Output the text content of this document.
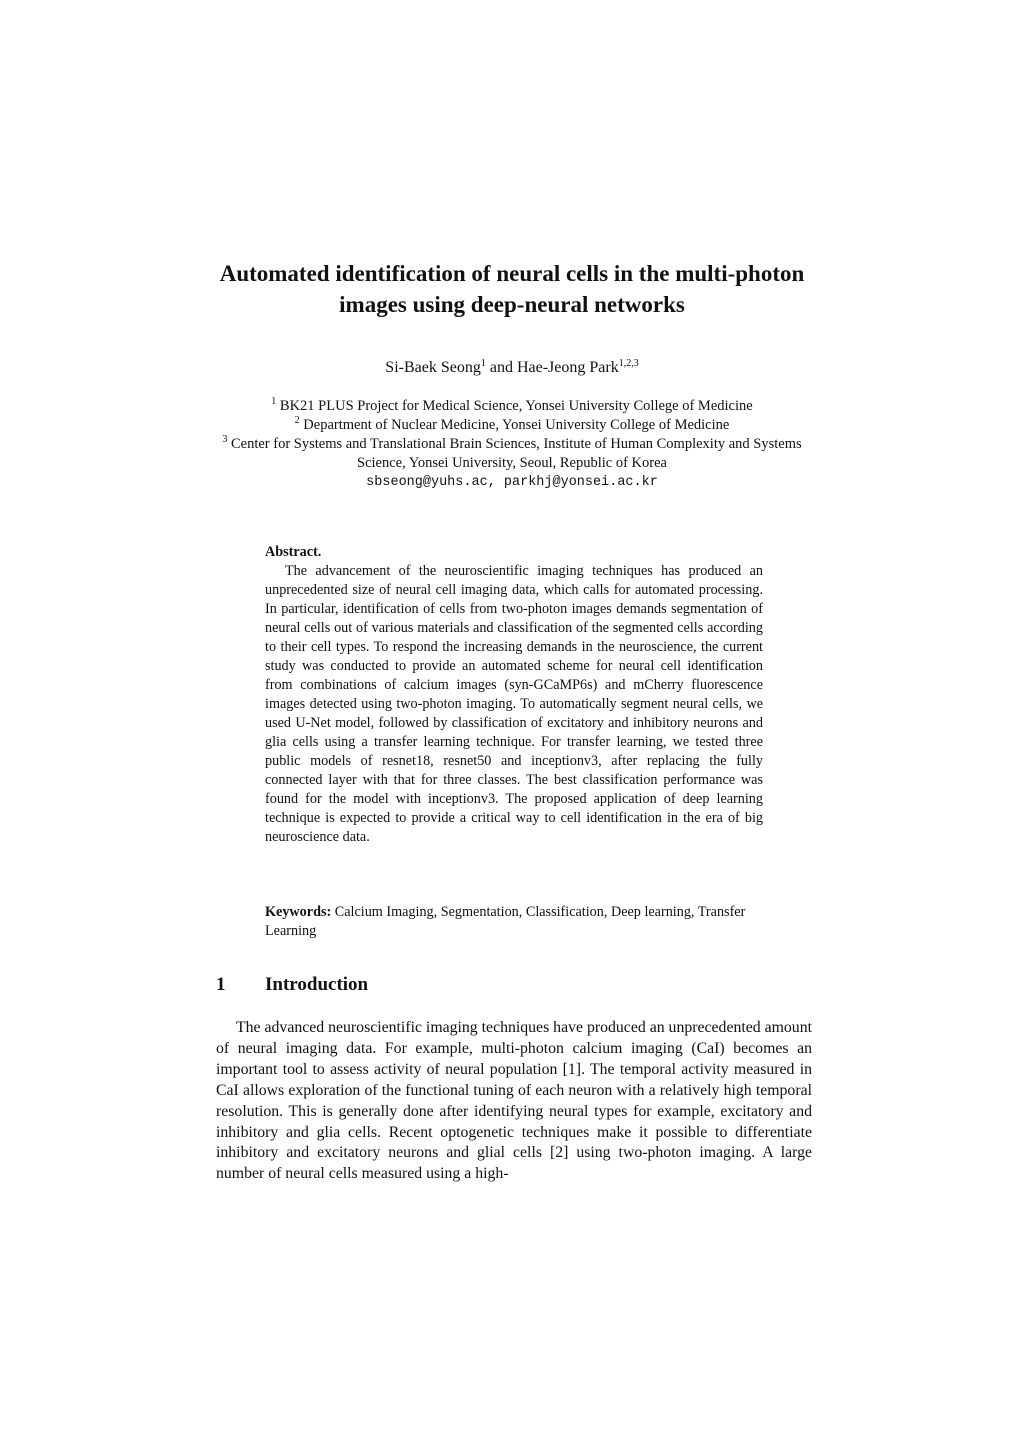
Automated identification of neural cells in the multi-photon images using deep-neural networks
Si-Baek Seong$^1$ and Hae-Jeong Park$^{1,2,3}$
$^1$ BK21 PLUS Project for Medical Science, Yonsei University College of Medicine
$^2$ Department of Nuclear Medicine, Yonsei University College of Medicine
$^3$ Center for Systems and Translational Brain Sciences, Institute of Human Complexity and Systems Science, Yonsei University, Seoul, Republic of Korea
sbseong@yuhs.ac, parkhj@yonsei.ac.kr
Abstract.
The advancement of the neuroscientific imaging techniques has produced an unprecedented size of neural cell imaging data, which calls for automated processing. In particular, identification of cells from two-photon images demands segmentation of neural cells out of various materials and classification of the segmented cells according to their cell types. To respond the increasing demands in the neuroscience, the current study was conducted to provide an automated scheme for neural cell identification from combinations of calcium images (syn-GCaMP6s) and mCherry fluorescence images detected using two-photon imaging. To automatically segment neural cells, we used U-Net model, followed by classification of excitatory and inhibitory neurons and glia cells using a transfer learning technique. For transfer learning, we tested three public models of resnet18, resnet50 and inceptionv3, after replacing the fully connected layer with that for three classes. The best classification performance was found for the model with inceptionv3. The proposed application of deep learning technique is expected to provide a critical way to cell identification in the era of big neuroscience data.
Keywords: Calcium Imaging, Segmentation, Classification, Deep learning, Transfer Learning
1 Introduction

The advanced neuroscientific imaging techniques have produced an unprecedented amount of neural imaging data. For example, multi-photon calcium imaging (CaI) becomes an important tool to assess activity of neural population [1]. The temporal activity measured in CaI allows exploration of the functional tuning of each neuron with a relatively high temporal resolution. This is generally done after identifying neural types for example, excitatory and inhibitory and glia cells. Recent optogenetic techniques make it possible to differentiate inhibitory and excitatory neurons and glial cells [2] using two-photon imaging. A large number of neural cells measured using a high-
